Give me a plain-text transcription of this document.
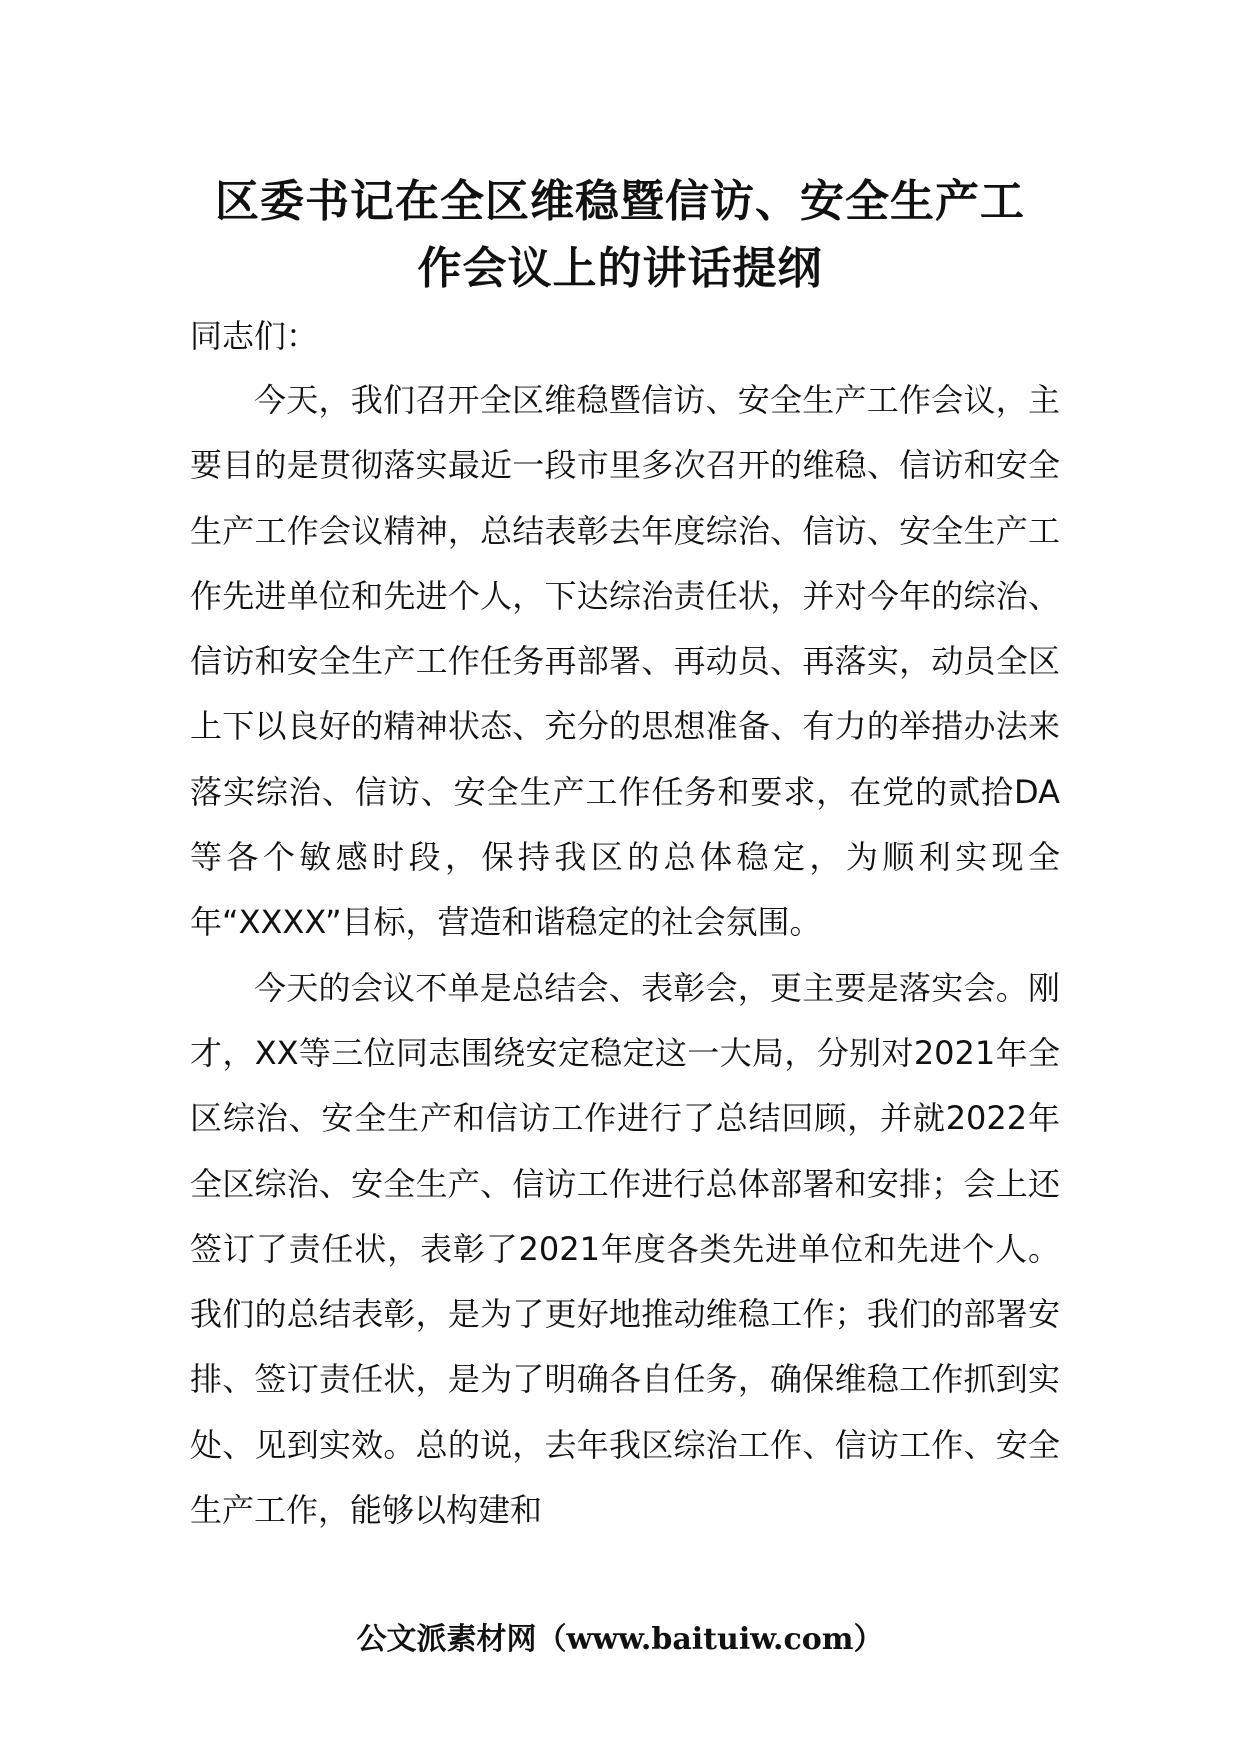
区委书记在全区维稳暨信访、安全生产工
作会议上的讲话提纲
同志们：

今天，我们召开全区维稳暨信访、安全生产工作会议，主要目的是贯彻落实最近一段市里多次召开的维稳、信访和安全生产工作会议精神，总结表彰去年度综治、信访、安全生产工作先进单位和先进个人，下达综治责任状，并对今年的综治、信访和安全生产工作任务再部署、再动员、再落实，动员全区上下以良好的精神状态、充分的思想准备、有力的举措办法来落实综治、信访、安全生产工作任务和要求，在党的贰拾DA等各个敏感时段，保持我区的总体稳定，为顺利实现全年“XXXX”目标，营造和谐稳定的社会氛围。

今天的会议不单是总结会、表彰会，更主要是落实会。刚才，XX等三位同志围绕安定稳定这一大局，分别对2021年全区综治、安全生产和信访工作进行了总结回顾，并就2022年全区综治、安全生产、信访工作进行总体部署和安排；会上还签订了责任状，表彰了2021年度各类先进单位和先进个人。我们的总结表彰，是为了更好地推动维稳工作；我们的部署安排、签订责任状，是为了明确各自任务，确保维稳工作抓到实处、见到实效。总的说，去年我区综治工作、信访工作、安全生产工作，能够以构建和

公文派素材网（www.baituiw.com）
